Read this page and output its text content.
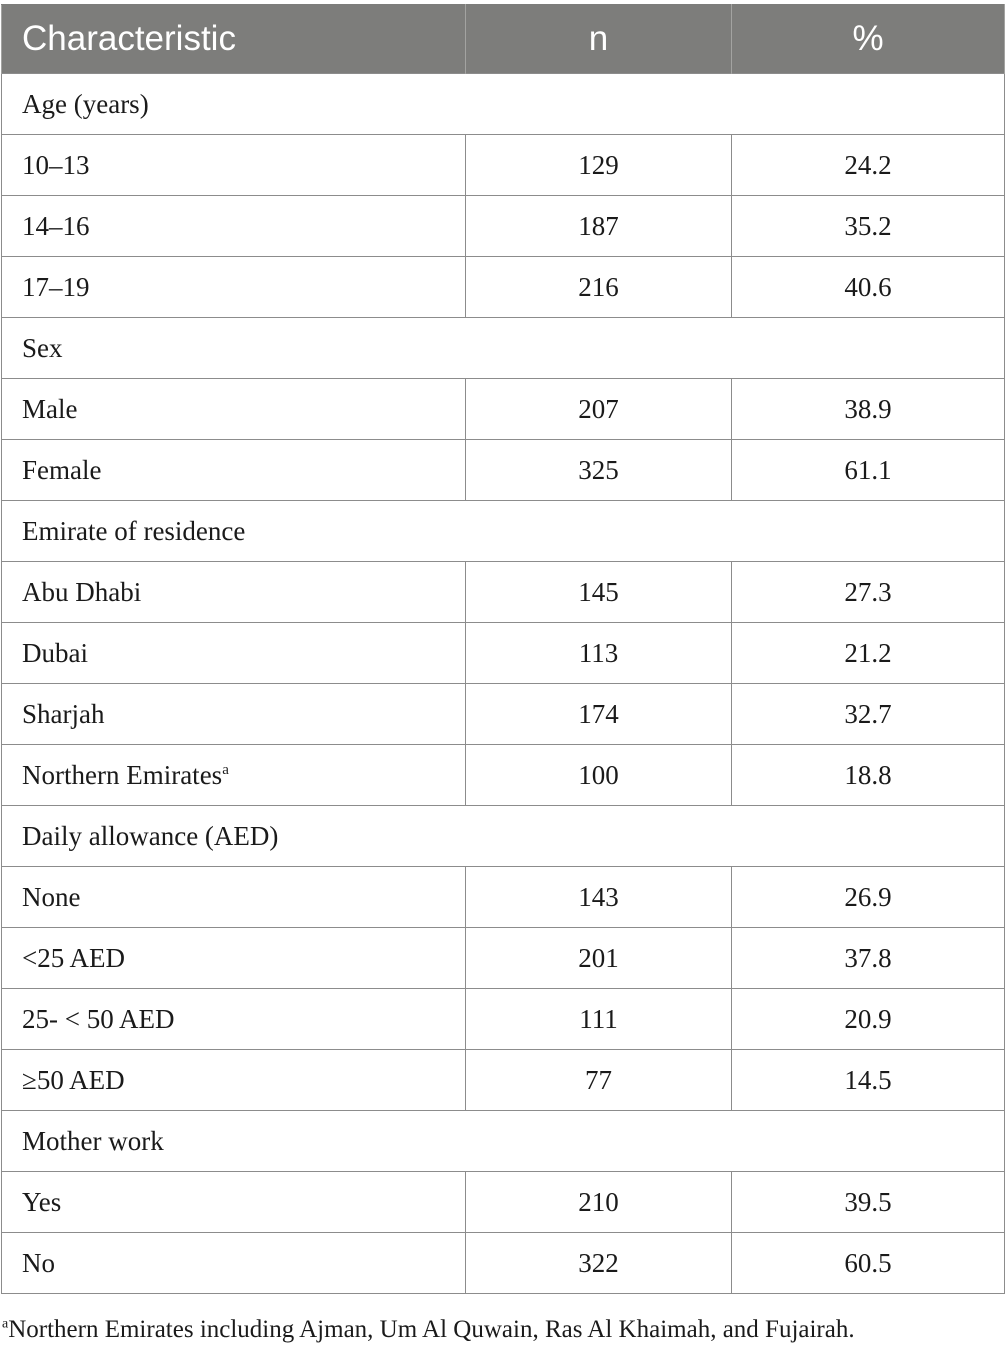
Characteristic	n	%
Age (years)		
10–13	129	24.2
14–16	187	35.2
17–19	216	40.6
Sex		
Male	207	38.9
Female	325	61.1
Emirate of residence		
Abu Dhabi	145	27.3
Dubai	113	21.2
Sharjah	174	32.7
Northern Emirates$^a$	100	18.8
Daily allowance (AED)		
None	143	26.9
<25 AED	201	37.8
25- < 50 AED	111	20.9
≥50 AED	77	14.5
Mother work		
Yes	210	39.5
No	322	60.5
$^a$Northern Emirates including Ajman, Um Al Quwain, Ras Al Khaimah, and Fujairah.
